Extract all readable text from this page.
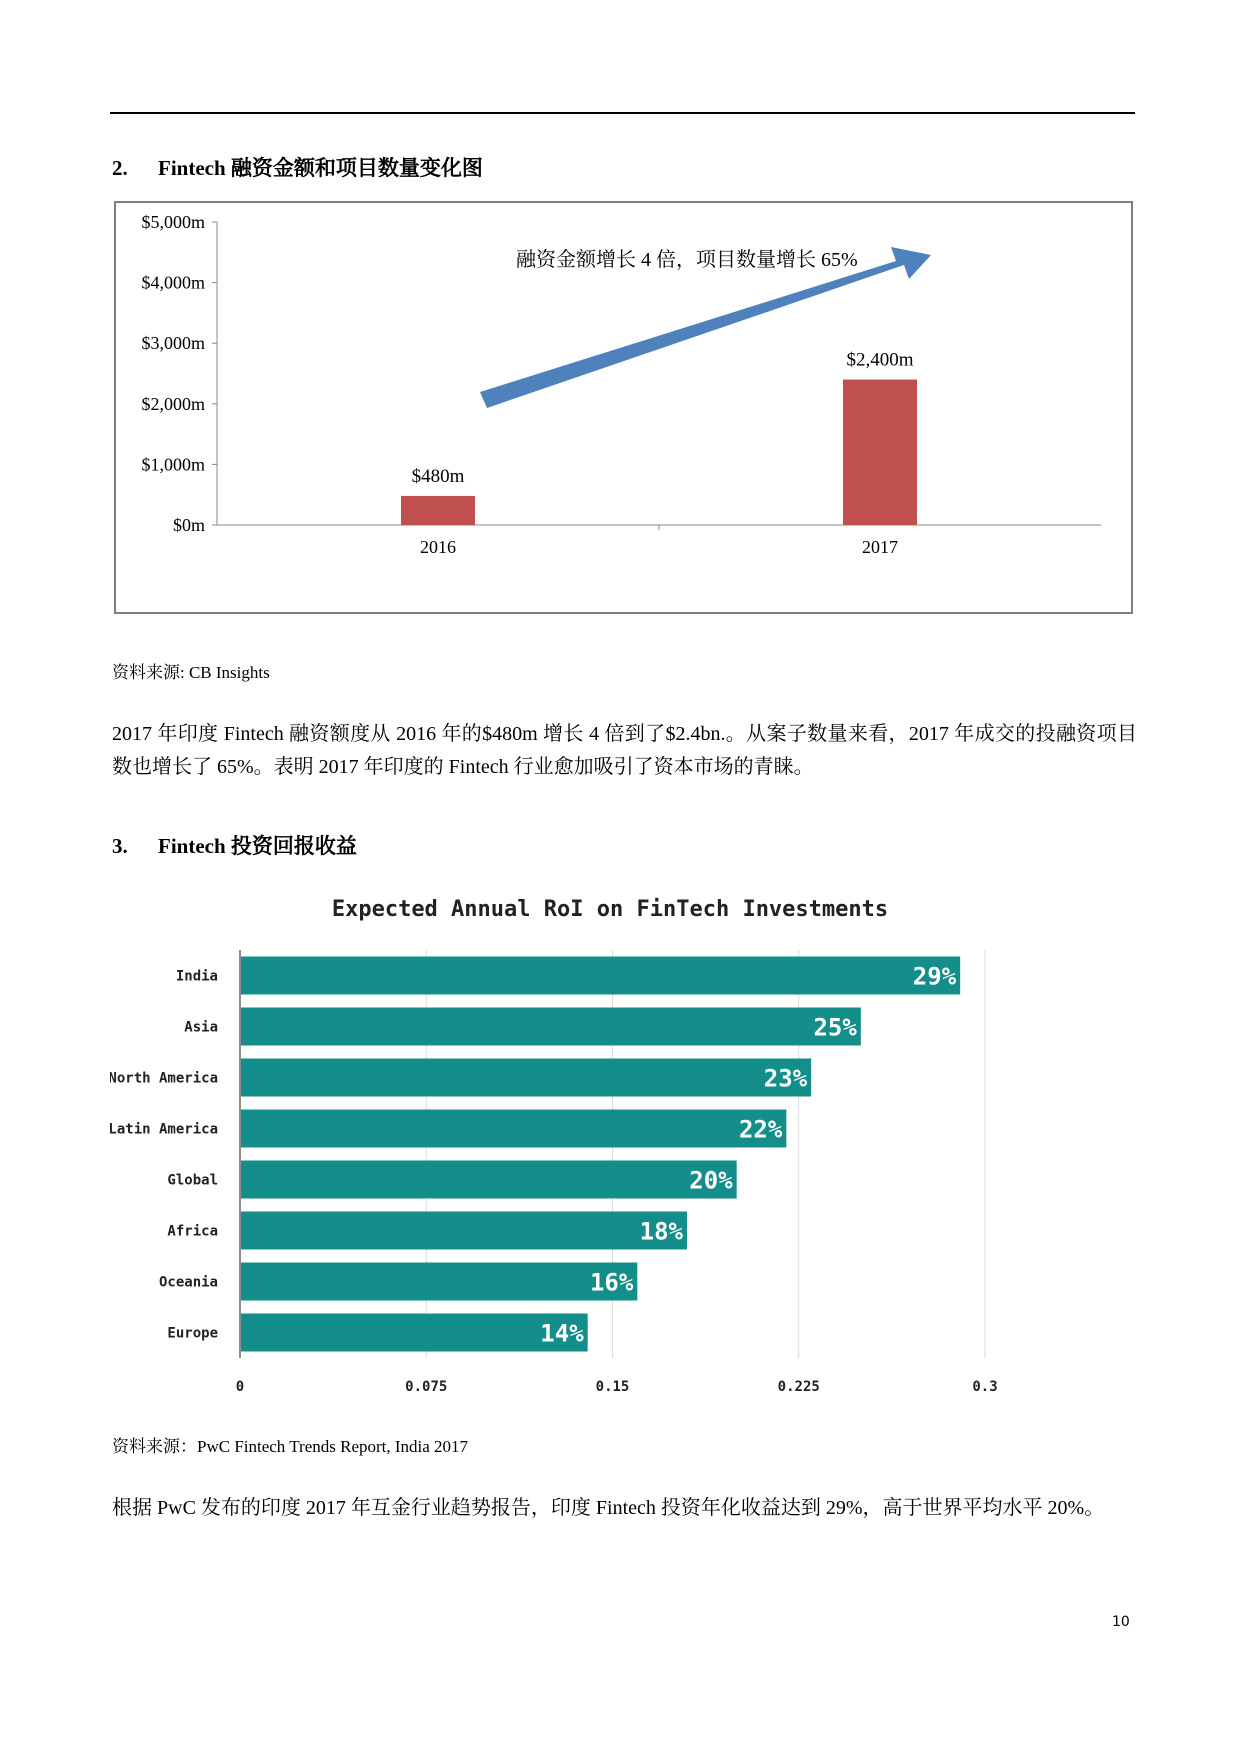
2. Fintech 融资金额和项目数量变化图
融资金额增长 4 倍，项目数量增长 65%
$0m
$1,000m
$2,000m
$3,000m
$4,000m
$5,000m
$480m
2016
$2,400m
2017
资料来源: CB Insights
2017 年印度 Fintech 融资额度从 2016 年的$480m 增长 4 倍到了$2.4bn.。从案子数量来看，2017 年成交的投融资项目数也增长了 65%。表明 2017 年印度的 Fintech 行业愈加吸引了资本市场的青睐。
3. Fintech 投资回报收益
Expected Annual RoI on FinTech Investments
0	0.075	0.15	0.225	0.3
India	29%
Asia	25%
North America	23%
Latin America	22%
Global	20%
Africa	18%
Oceania	16%
Europe	14%
资料来源：PwC Fintech Trends Report, India 2017
根据 PwC 发布的印度 2017 年互金行业趋势报告，印度 Fintech 投资年化收益达到 29%，高于世界平均水平 20%。
10
